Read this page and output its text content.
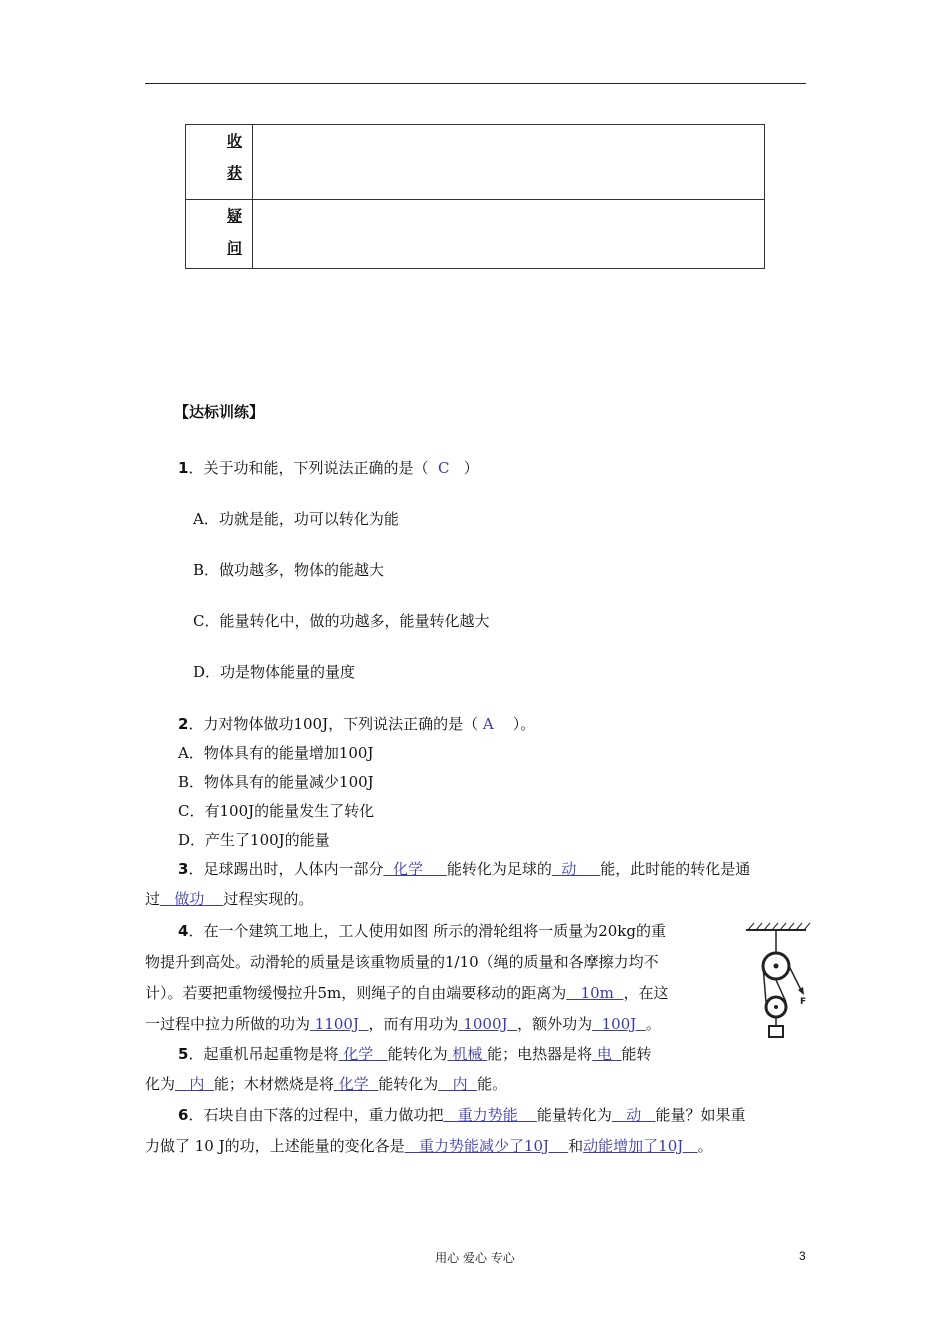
收
获	

疑
问	

【达标训练】
1．关于功和能，下列说法正确的是（ C ）
A．功就是能，功可以转化为能
B．做功越多，物体的能越大
C．能量转化中，做的功越多，能量转化越大
D．功是物体能量的量度
2．力对物体做功100J，下列说法正确的是（ A ）。
A．物体具有的能量增加100J
B．物体具有的能量减少100J
C．有100J的能量发生了转化
D．产生了100J的能量
3．足球踢出时，人体内一部分 化学 能转化为足球的 动 能，此时能的转化是通
过 做功 过程实现的。
4．在一个建筑工地上，工人使用如图 所示的滑轮组将一质量为20kg的重
物提升到高处。动滑轮的质量是该重物质量的1/10（绳的质量和各摩擦力均不
计）。若要把重物缓慢拉升5m，则绳子的自由端要移动的距离为 10m ，在这
一过程中拉力所做的功为 1100J ，而有用功为 1000J ，额外功为 100J 。
F
5．起重机吊起重物是将 化学 能转化为 机械 能；电热器是将 电 能转
化为 内 能；木材燃烧是将 化学 能转化为 内 能。
6．石块自由下落的过程中，重力做功把 重力势能 能量转化为 动 能量？如果重
力做了 10 J的功，上述能量的变化各是 重力势能减少了10J 和动能增加了10J 。
用心 爱心 专心	3
